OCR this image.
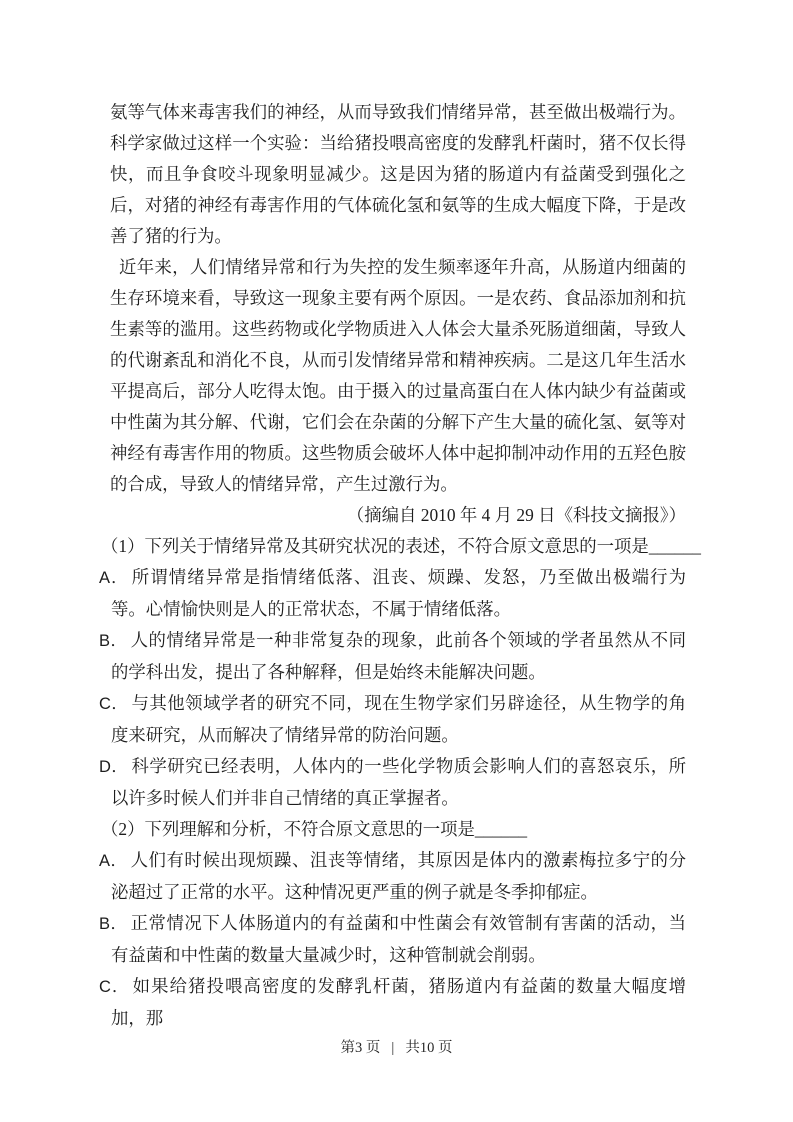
氨等气体来毒害我们的神经，从而导致我们情绪异常，甚至做出极端行为。科学家做过这样一个实验：当给猪投喂高密度的发酵乳杆菌时，猪不仅长得快，而且争食咬斗现象明显减少。这是因为猪的肠道内有益菌受到强化之后，对猪的神经有毒害作用的气体硫化氢和氨等的生成大幅度下降，于是改善了猪的行为。

近年来，人们情绪异常和行为失控的发生频率逐年升高，从肠道内细菌的生存环境来看，导致这一现象主要有两个原因。一是农药、食品添加剂和抗生素等的滥用。这些药物或化学物质进入人体会大量杀死肠道细菌，导致人的代谢紊乱和消化不良，从而引发情绪异常和精神疾病。二是这几年生活水平提高后，部分人吃得太饱。由于摄入的过量高蛋白在人体内缺少有益菌或中性菌为其分解、代谢，它们会在杂菌的分解下产生大量的硫化氢、氨等对神经有毒害作用的物质。这些物质会破坏人体中起抑制冲动作用的五羟色胺的合成，导致人的情绪异常，产生过激行为。

（摘编自 2010 年 4 月 29 日《科技文摘报》）

（1）下列关于情绪异常及其研究状况的表述，不符合原文意思的一项是______

A． 所谓情绪异常是指情绪低落、沮丧、烦躁、发怒，乃至做出极端行为等。心情愉快则是人的正常状态，不属于情绪低落。

B． 人的情绪异常是一种非常复杂的现象，此前各个领域的学者虽然从不同的学科出发，提出了各种解释，但是始终未能解决问题。

C． 与其他领域学者的研究不同，现在生物学家们另辟途径，从生物学的角度来研究，从而解决了情绪异常的防治问题。

D． 科学研究已经表明，人体内的一些化学物质会影响人们的喜怒哀乐，所以许多时候人们并非自己情绪的真正掌握者。

（2）下列理解和分析，不符合原文意思的一项是______

A． 人们有时候出现烦躁、沮丧等情绪，其原因是体内的激素梅拉多宁的分泌超过了正常的水平。这种情况更严重的例子就是冬季抑郁症。

B． 正常情况下人体肠道内的有益菌和中性菌会有效管制有害菌的活动，当有益菌和中性菌的数量大量减少时，这种管制就会削弱。

C． 如果给猪投喂高密度的发酵乳杆菌，猪肠道内有益菌的数量大幅度增加，那

第3 页 | 共10 页
